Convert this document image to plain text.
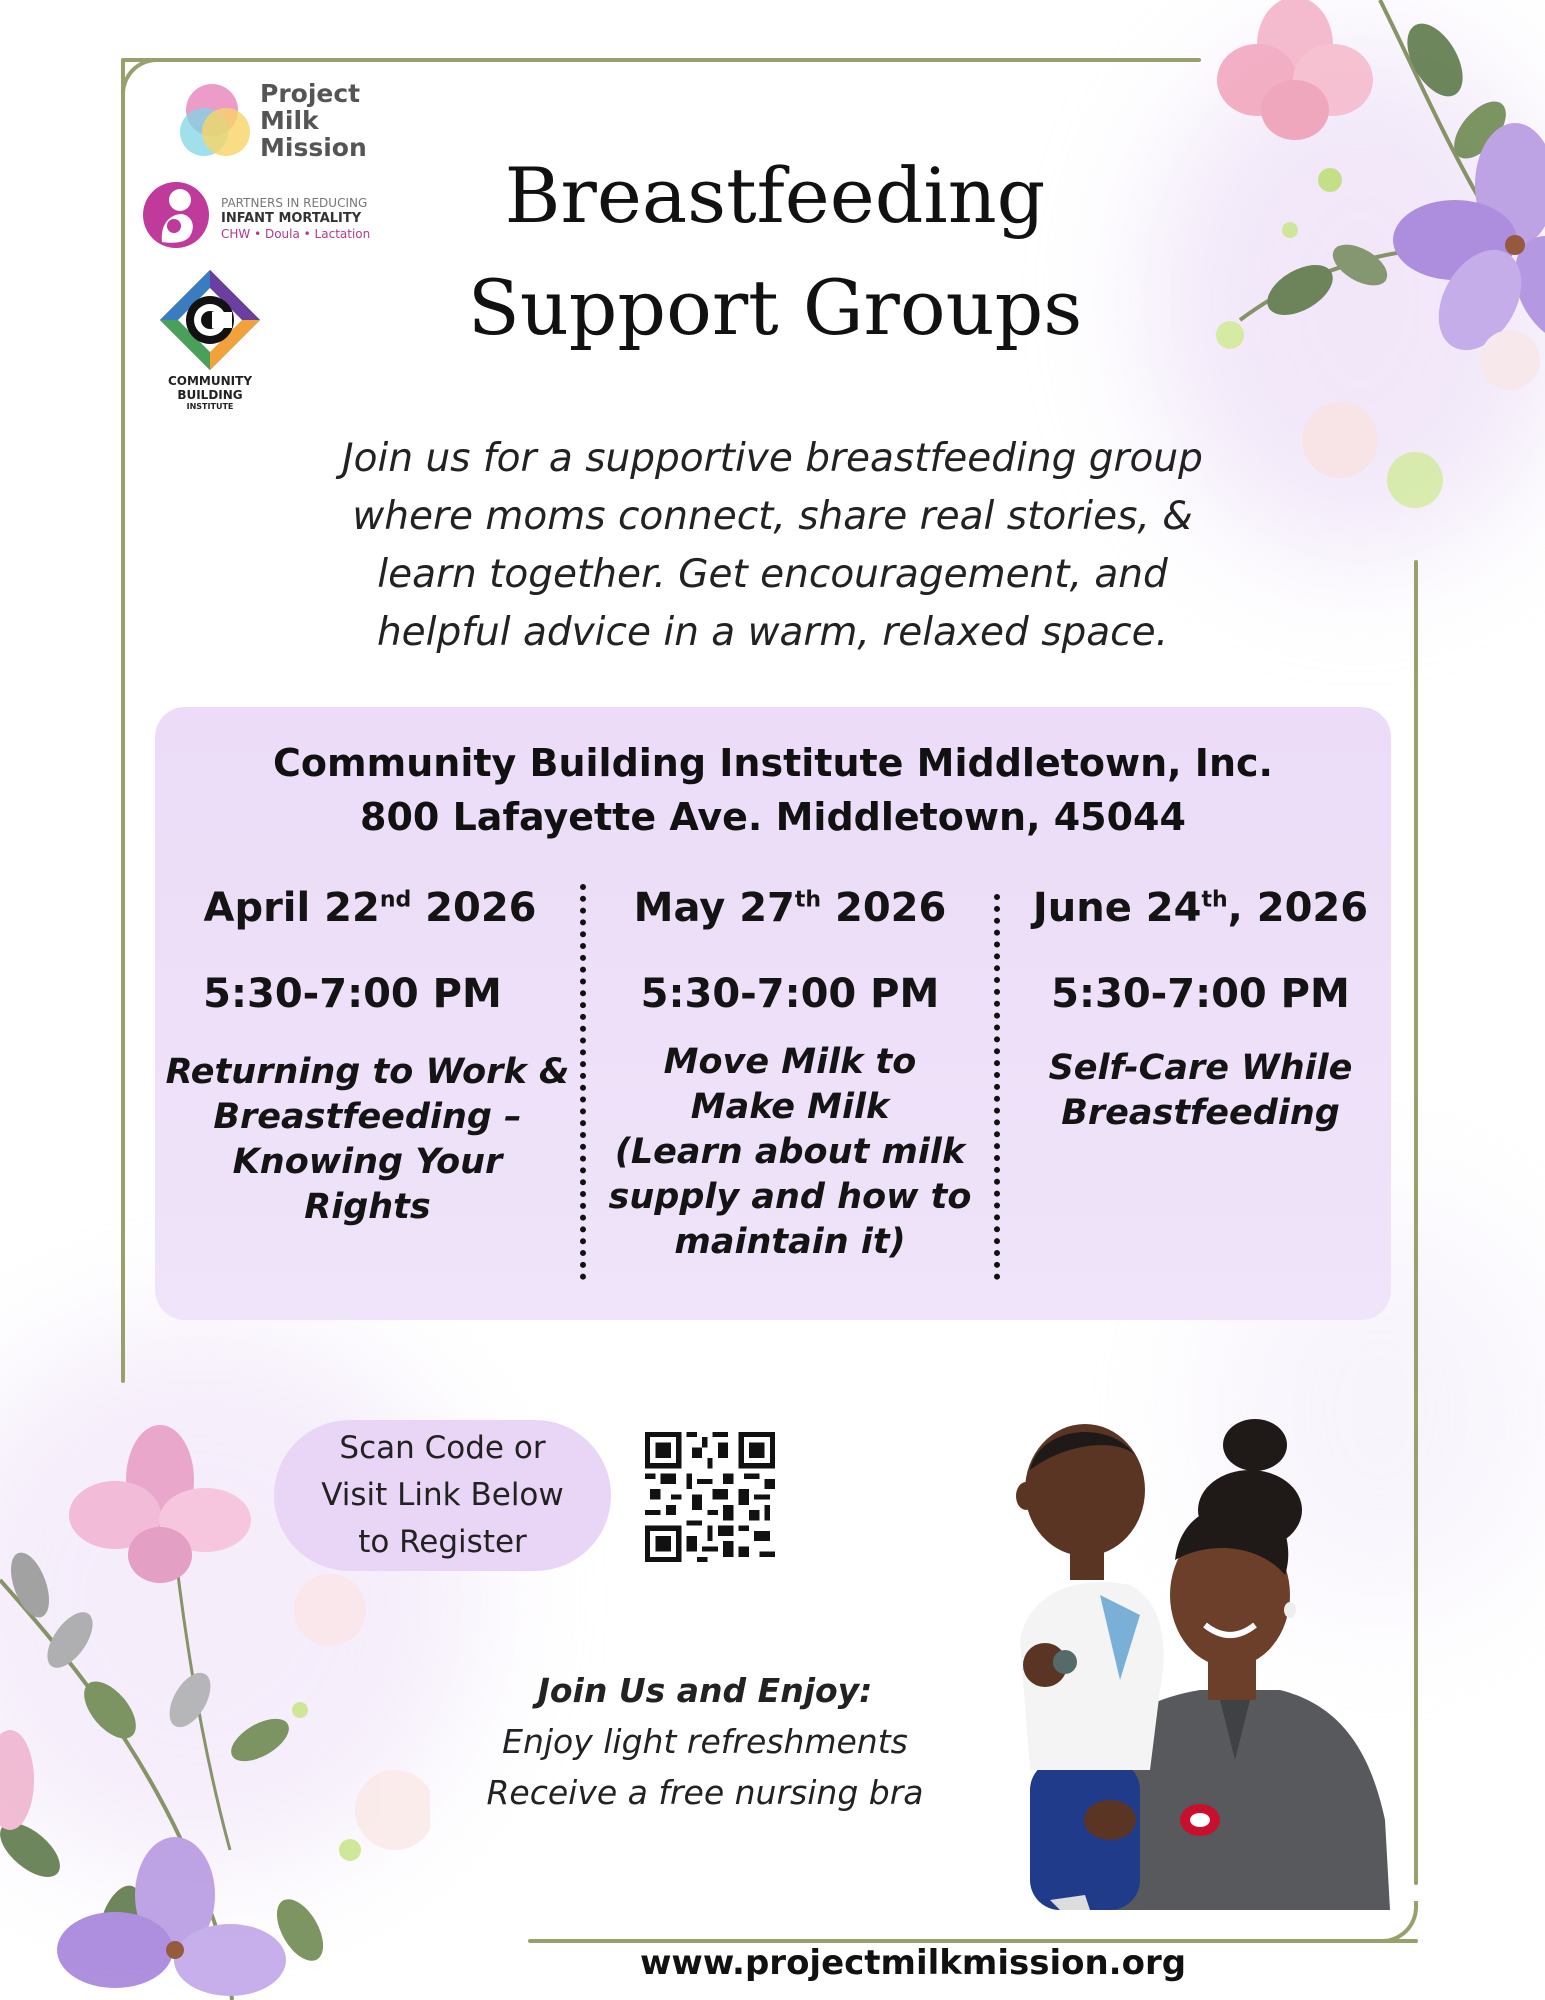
Project
Milk
Mission
PARTNERS IN REDUCING
INFANT MORTALITY
CHW • Doula • Lactation
COMMUNITY BUILDING
INSTITUTE
Breastfeeding
Support Groups
Join us for a supportive breastfeeding group
where moms connect, share real stories, &
learn together. Get encouragement, and
helpful advice in a warm, relaxed space.
Community Building Institute Middletown, Inc.
800 Lafayette Ave. Middletown, 45044
April 22nd 2026
5:30-7:00 PM
Returning to Work &
Breastfeeding –
Knowing Your
Rights
May 27th 2026
5:30-7:00 PM
Move Milk to
Make Milk
(Learn about milk
supply and how to
maintain it)
June 24th, 2026
5:30-7:00 PM
Self-Care While
Breastfeeding
Scan Code or
Visit Link Below
to Register
Join Us and Enjoy:
Enjoy light refreshments
Receive a free nursing bra
www.projectmilkmission.org
